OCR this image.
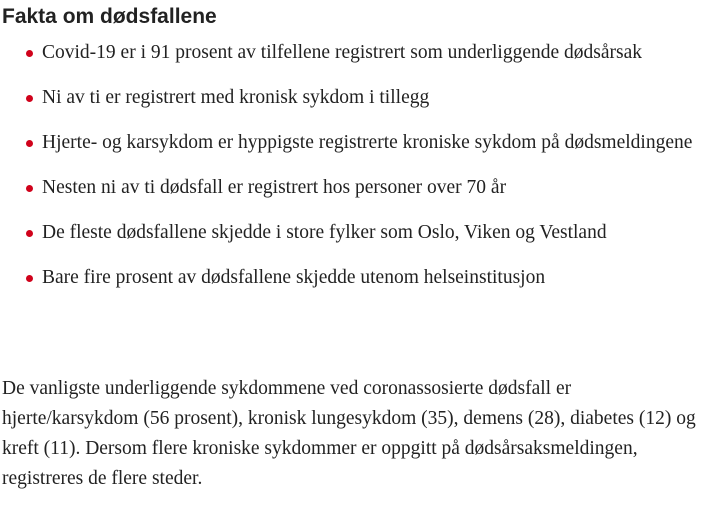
Fakta om dødsfallene
Covid-19 er i 91 prosent av tilfellene registrert som underliggende dødsårsak
Ni av ti er registrert med kronisk sykdom i tillegg
Hjerte- og karsykdom er hyppigste registrerte kroniske sykdom på dødsmeldingene
Nesten ni av ti dødsfall er registrert hos personer over 70 år
De fleste dødsfallene skjedde i store fylker som Oslo, Viken og Vestland
Bare fire prosent av dødsfallene skjedde utenom helseinstitusjon

De vanligste underliggende sykdommene ved coronassosierte dødsfall er hjerte/karsykdom (56 prosent), kronisk lungesykdom (35), demens (28), diabetes (12) og kreft (11). Dersom flere kroniske sykdommer er oppgitt på dødsårsaksmeldingen, registreres de flere steder.
